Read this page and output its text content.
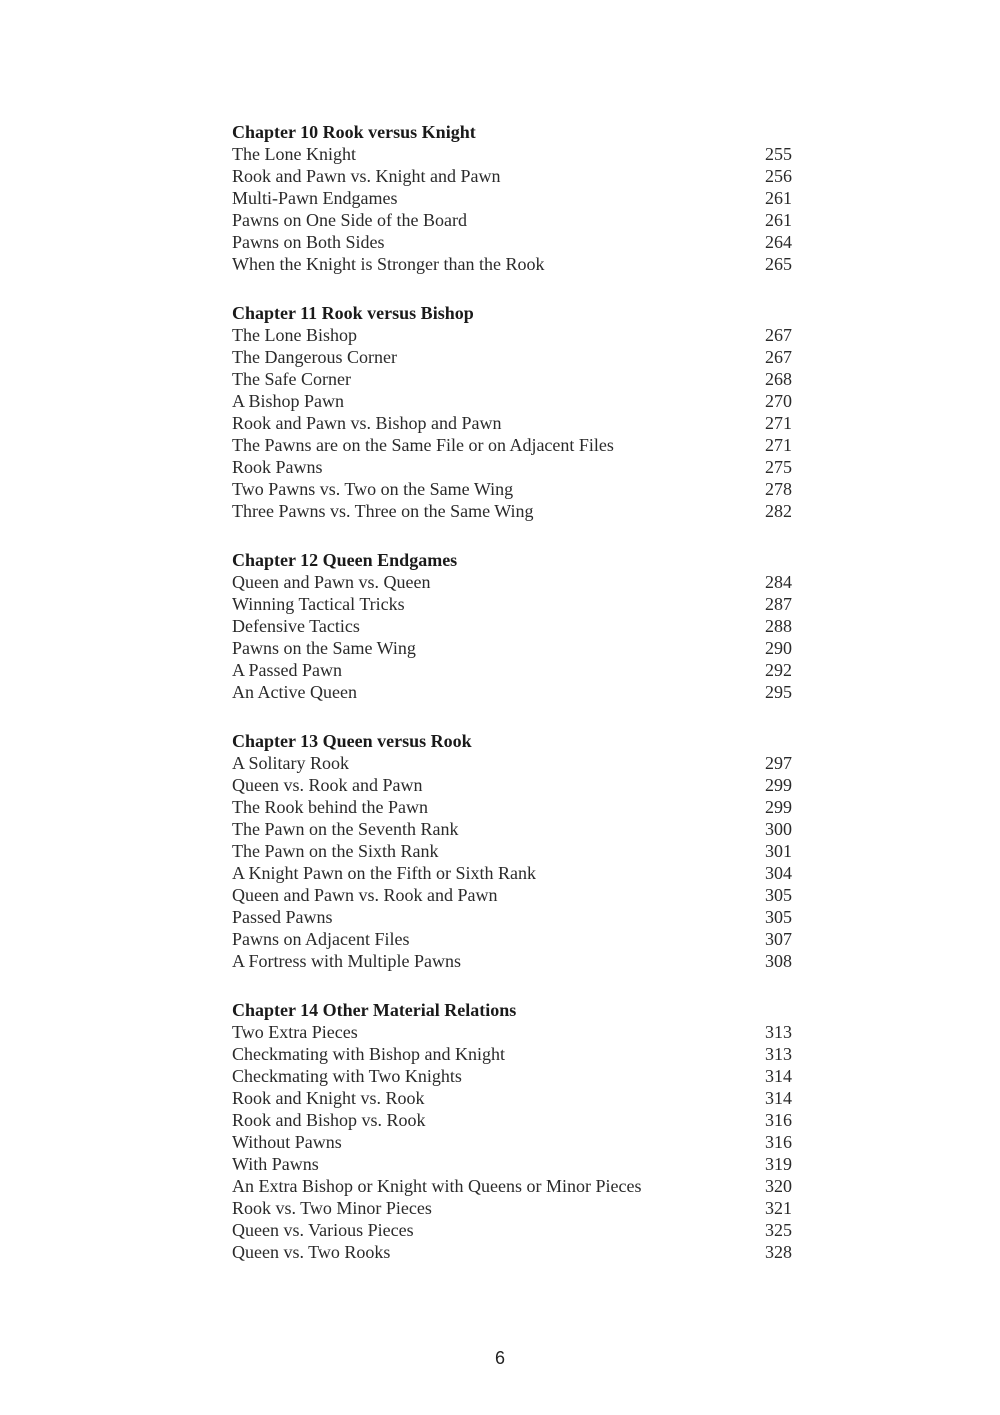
Chapter 10 Rook versus Knight
The Lone Knight	255
Rook and Pawn vs. Knight and Pawn	256
Multi-Pawn Endgames	261
Pawns on One Side of the Board	261
Pawns on Both Sides	264
When the Knight is Stronger than the Rook	265
Chapter 11 Rook versus Bishop
The Lone Bishop	267
The Dangerous Corner	267
The Safe Corner	268
A Bishop Pawn	270
Rook and Pawn vs. Bishop and Pawn	271
The Pawns are on the Same File or on Adjacent Files	271
Rook Pawns	275
Two Pawns vs. Two on the Same Wing	278
Three Pawns vs. Three on the Same Wing	282
Chapter 12 Queen Endgames
Queen and Pawn vs. Queen	284
Winning Tactical Tricks	287
Defensive Tactics	288
Pawns on the Same Wing	290
A Passed Pawn	292
An Active Queen	295
Chapter 13 Queen versus Rook
A Solitary Rook	297
Queen vs. Rook and Pawn	299
The Rook behind the Pawn	299
The Pawn on the Seventh Rank	300
The Pawn on the Sixth Rank	301
A Knight Pawn on the Fifth or Sixth Rank	304
Queen and Pawn vs. Rook and Pawn	305
Passed Pawns	305
Pawns on Adjacent Files	307
A Fortress with Multiple Pawns	308
Chapter 14 Other Material Relations
Two Extra Pieces	313
Checkmating with Bishop and Knight	313
Checkmating with Two Knights	314
Rook and Knight vs. Rook	314
Rook and Bishop vs. Rook	316
Without Pawns	316
With Pawns	319
An Extra Bishop or Knight with Queens or Minor Pieces	320
Rook vs. Two Minor Pieces	321
Queen vs. Various Pieces	325
Queen vs. Two Rooks	328
6
